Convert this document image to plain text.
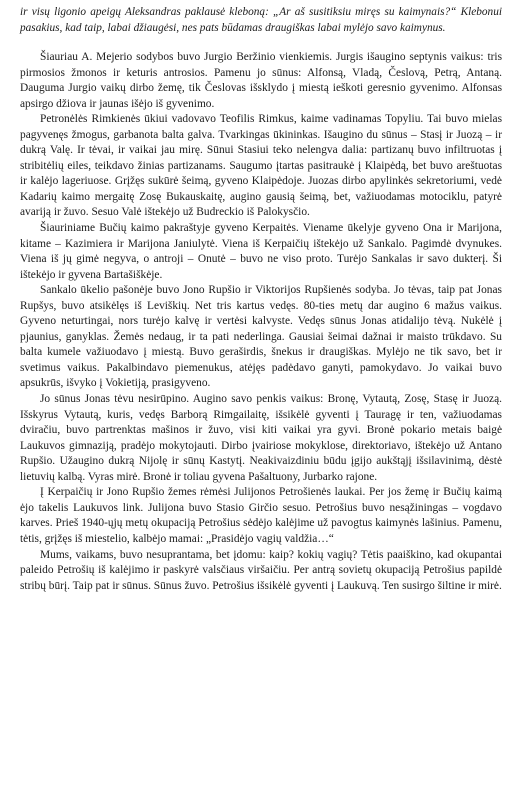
ir visų ligonio apeigų Aleksandras paklausė kleboną: „Ar aš susitiksiu miręs su kaimynais?“ Klebonui pasakius, kad taip, labai džiaugėsi, nes pats būdamas draugiškas labai mylėjo savo kaimynus.

Šiauriau A. Mejerio sodybos buvo Jurgio Beržinio vienkiemis. Jurgis išaugino septynis vaikus: tris pirmosios žmonos ir keturis antrosios. Pamenu jo sūnus: Alfonsą, Vladą, Česlovą, Petrą, Antaną. Dauguma Jurgio vaikų dirbo žemę, tik Česlovas išsklydo į miestą ieškoti geresnio gyvenimo. Alfonsas apsirgo džiova ir jaunas išėjo iš gyvenimo.

Petronėlės Rimkienės ūkiui vadovavo Teofilis Rimkus, kaime vadinamas Topyliu. Tai buvo mielas pagyvenęs žmogus, garbanota balta galva. Tvarkingas ūkininkas. Išaugino du sūnus – Stasį ir Juozą – ir dukrą Valę. Ir tėvai, ir vaikai jau mirę. Sūnui Stasiui teko nelengva dalia: partizanų buvo infiltruotas į stribitėlių eiles, teikdavo žinias partizanams. Saugumo įtartas pasitraukė į Klaipėdą, bet buvo areštuotas ir kalėjo lageriuose. Grįžęs sukūrė šeimą, gyveno Klaipėdoje. Juozas dirbo apylinkės sekretoriumi, vedė Kadarių kaimo mergaitę Zosę Bukauskaitę, augino gausią šeimą, bet, važiuodamas motociklu, patyrė avariją ir žuvo. Sesuo Valė ištekėjo už Budreckio iš Palokysčio.

Šiauriniame Bučių kaimo pakraštyje gyveno Kerpaitės. Viename ūkelyje gyveno Ona ir Marijona, kitame – Kazimiera ir Marijona Janiulytė. Viena iš Kerpaičių ištekėjo už Sankalo. Pagimdė dvynukes. Viena iš jų gimė negyva, o antroji – Onutė – buvo ne viso proto. Turėjo Sankalas ir savo dukterį. Ši ištekėjo ir gyvena Bartašiškėje.

Sankalo ūkelio pašonėje buvo Jono Rupšio ir Viktorijos Rupšienės sodyba. Jo tėvas, taip pat Jonas Rupšys, buvo atsikėlęs iš Leviškių. Net tris kartus vedęs. 80-ties metų dar augino 6 mažus vaikus. Gyveno neturtingai, nors turėjo kalvę ir vertėsi kalvyste. Vedęs sūnus Jonas atidalijo tėvą. Nukėlė į pjaunius, ganyklas. Žemės nedaug, ir ta pati nederlinga. Gausiai šeimai dažnai ir maisto trūkdavo. Su balta kumele važiuodavo į miestą. Buvo geraširdis, šnekus ir draugiškas. Mylėjo ne tik savo, bet ir svetimus vaikus. Pakalbindavo piemenukus, atėjęs padėdavo ganyti, pamokydavo. Jo vaikai buvo apsukrūs, išvyko į Vokietiją, prasigyveno.

Jo sūnus Jonas tėvu nesirūpino. Augino savo penkis vaikus: Bronę, Vytautą, Zosę, Stasę ir Juozą. Išskyrus Vytautą, kuris, vedęs Barborą Rimgailaitę, išsikėlė gyventi į Tauragę ir ten, važiuodamas dviračiu, buvo partrenktas mašinos ir žuvo, visi kiti vaikai yra gyvi. Bronė pokario metais baigė Laukuvos gimnaziją, pradėjo mokytojauti. Dirbo įvairiose mokyklose, direktoriavo, ištekėjo už Antano Rupšio. Užaugino dukrą Nijolę ir sūnų Kastytį. Neakivaizdiniu būdu įgijo aukštąjį išsilavinimą, dėstė lietuvių kalbą. Vyras mirė. Bronė ir toliau gyvena Pašaltuony, Jurbarko rajone.

Į Kerpaičių ir Jono Rupšio žemes rėmėsi Julijonos Petrošienės laukai. Per jos žemę ir Bučių kaimą ėjo takelis Laukuvos link. Julijona buvo Stasio Girčio sesuo. Petrošius buvo nesąžiningas – vogdavo karves. Prieš 1940-ųjų metų okupaciją Petrošius sėdėjo kalėjime už pavogtus kaimynės lašinius. Pamenu, tėtis, grįžęs iš miestelio, kalbėjo mamai: „Prasidėjo vagių valdžia…“

Mums, vaikams, buvo nesuprantama, bet įdomu: kaip? kokių vagių? Tėtis paaiškino, kad okupantai paleido Petrošių iš kalėjimo ir paskyrė valsčiaus viršaičiu. Per antrą sovietų okupaciją Petrošius papildė stribų būrį. Taip pat ir sūnus. Sūnus žuvo. Petrošius išsikėlė gyventi į Laukuvą. Ten susirgo šiltine ir mirė.
